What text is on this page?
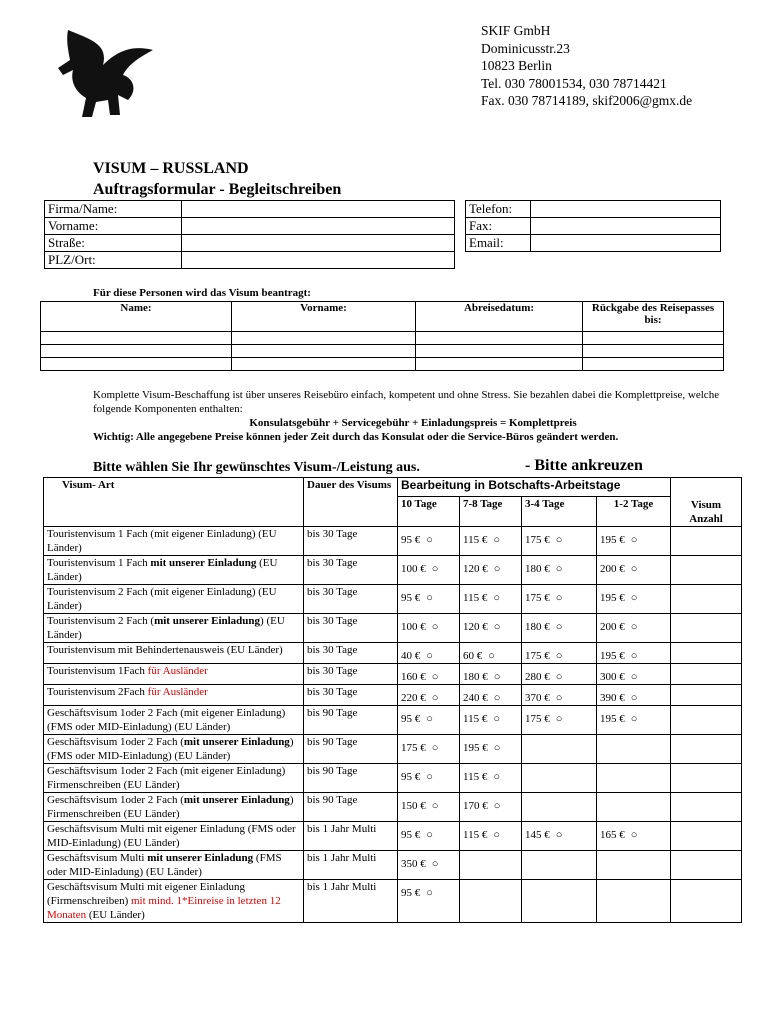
SKIF GmbH
Dominicusstr.23
10823 Berlin
Tel. 030 78001534, 030 78714421
Fax. 030 78714189, skif2006@gmx.de
VISUM – RUSSLAND
Auftragsformular - Begleitschreiben
Firma/Name:	
Vorname:	
Straße:	
PLZ/Ort:	
Telefon:	
Fax:	
Email:	
Für diese Personen wird das Visum beantragt:
Name:	Vorname:	Abreisedatum:	Rückgabe des Reisepasses bis:

Komplette Visum-Beschaffung ist über unseres Reisebüro einfach, kompetent und ohne Stress. Sie bezahlen dabei die Komplettpreise, welche folgende Komponenten enthalten:
Konsulatsgebühr + Servicegebühr + Einladungspreis = Komplettpreis
Wichtig: Alle angegebene Preise können jeder Zeit durch das Konsulat oder die Service-Büros geändert werden.
Bitte wählen Sie Ihr gewünschtes Visum-/Leistung aus.	- Bitte ankreuzen
Visum- Art	Dauer des Visums	Bearbeitung in Botschafts-Arbeitstage				Visum Anzahl
		10 Tage	7-8 Tage	3-4 Tage	1-2 Tage	
Touristenvisum 1 Fach (mit eigener Einladung) (EU Länder)	bis 30 Tage	95 € ○	115 € ○	175 € ○	195 € ○	
Touristenvisum 1 Fach mit unserer Einladung (EU Länder)	bis 30 Tage	100 € ○	120 € ○	180 € ○	200 € ○	
Touristenvisum 2 Fach (mit eigener Einladung) (EU Länder)	bis 30 Tage	95 € ○	115 € ○	175 € ○	195 € ○	
Touristenvisum 2 Fach (mit unserer Einladung) (EU Länder)	bis 30 Tage	100 € ○	120 € ○	180 € ○	200 € ○	
Touristenvisum mit Behindertenausweis (EU Länder)	bis 30 Tage	40 € ○	60 € ○	175 € ○	195 € ○	
Touristenvisum 1Fach für Ausländer	bis 30 Tage	160 € ○	180 € ○	280 € ○	300 € ○	
Touristenvisum 2Fach für Ausländer	bis 30 Tage	220 € ○	240 € ○	370 € ○	390 € ○	
Geschäftsvisum 1oder 2 Fach (mit eigener Einladung) (FMS oder MID-Einladung) (EU Länder)	bis 90 Tage	95 € ○	115 € ○	175 € ○	195 € ○	
Geschäftsvisum 1oder 2 Fach (mit unserer Einladung) (FMS oder MID-Einladung) (EU Länder)	bis 90 Tage	175 € ○	195 € ○			
Geschäftsvisum 1oder 2 Fach (mit eigener Einladung) Firmenschreiben (EU Länder)	bis 90 Tage	95 € ○	115 € ○			
Geschäftsvisum 1oder 2 Fach (mit unserer Einladung) Firmenschreiben (EU Länder)	bis 90 Tage	150 € ○	170 € ○			
Geschäftsvisum Multi mit eigener Einladung (FMS oder MID-Einladung) (EU Länder)	bis 1 Jahr Multi	95 € ○	115 € ○	145 € ○	165 € ○	
Geschäftsvisum Multi mit unserer Einladung (FMS oder MID-Einladung) (EU Länder)	bis 1 Jahr Multi	350 € ○				
Geschäftsvisum Multi mit eigener Einladung (Firmenschreiben) mit mind. 1*Einreise in letzten 12 Monaten (EU Länder)	bis 1 Jahr Multi	95 € ○				
